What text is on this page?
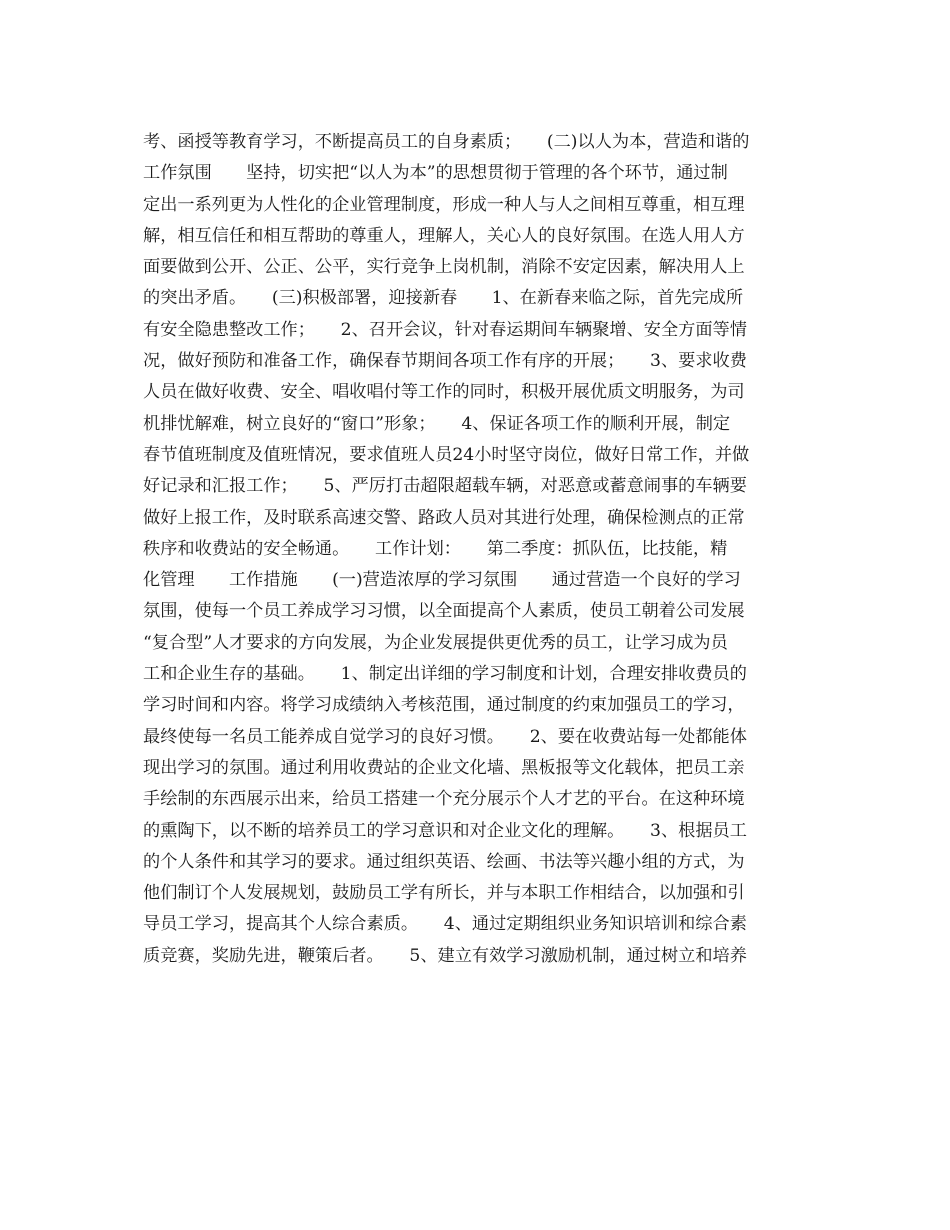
考、函授等教育学习，不断提高员工的自身素质；　　(二)以人为本，营造和谐的
工作氛围　　坚持，切实把“以人为本”的思想贯彻于管理的各个环节，通过制
定出一系列更为人性化的企业管理制度，形成一种人与人之间相互尊重，相互理
解，相互信任和相互帮助的尊重人，理解人，关心人的良好氛围。在选人用人方
面要做到公开、公正、公平，实行竞争上岗机制，消除不安定因素，解决用人上
的突出矛盾。　　(三)积极部署，迎接新春　　1、在新春来临之际，首先完成所
有安全隐患整改工作；　　2、召开会议，针对春运期间车辆聚增、安全方面等情
况，做好预防和准备工作，确保春节期间各项工作有序的开展；　　3、要求收费
人员在做好收费、安全、唱收唱付等工作的同时，积极开展优质文明服务，为司
机排忧解难，树立良好的“窗口”形象；　　4、保证各项工作的顺利开展，制定
春节值班制度及值班情况，要求值班人员24小时坚守岗位，做好日常工作，并做
好记录和汇报工作；　　5、严厉打击超限超载车辆，对恶意或蓄意闹事的车辆要
做好上报工作，及时联系高速交警、路政人员对其进行处理，确保检测点的正常
秩序和收费站的安全畅通。　　工作计划：　　第二季度：抓队伍，比技能，精
化管理　　工作措施　　(一)营造浓厚的学习氛围　　通过营造一个良好的学习
氛围，使每一个员工养成学习习惯，以全面提高个人素质，使员工朝着公司发展
“复合型”人才要求的方向发展，为企业发展提供更优秀的员工，让学习成为员
工和企业生存的基础。　　1、制定出详细的学习制度和计划，合理安排收费员的
学习时间和内容。将学习成绩纳入考核范围，通过制度的约束加强员工的学习，
最终使每一名员工能养成自觉学习的良好习惯。　　2、要在收费站每一处都能体
现出学习的氛围。通过利用收费站的企业文化墙、黑板报等文化载体，把员工亲
手绘制的东西展示出来，给员工搭建一个充分展示个人才艺的平台。在这种环境
的熏陶下，以不断的培养员工的学习意识和对企业文化的理解。　　3、根据员工
的个人条件和其学习的要求。通过组织英语、绘画、书法等兴趣小组的方式，为
他们制订个人发展规划，鼓励员工学有所长，并与本职工作相结合，以加强和引
导员工学习，提高其个人综合素质。　　4、通过定期组织业务知识培训和综合素
质竞赛，奖励先进，鞭策后者。　　5、建立有效学习激励机制，通过树立和培养
